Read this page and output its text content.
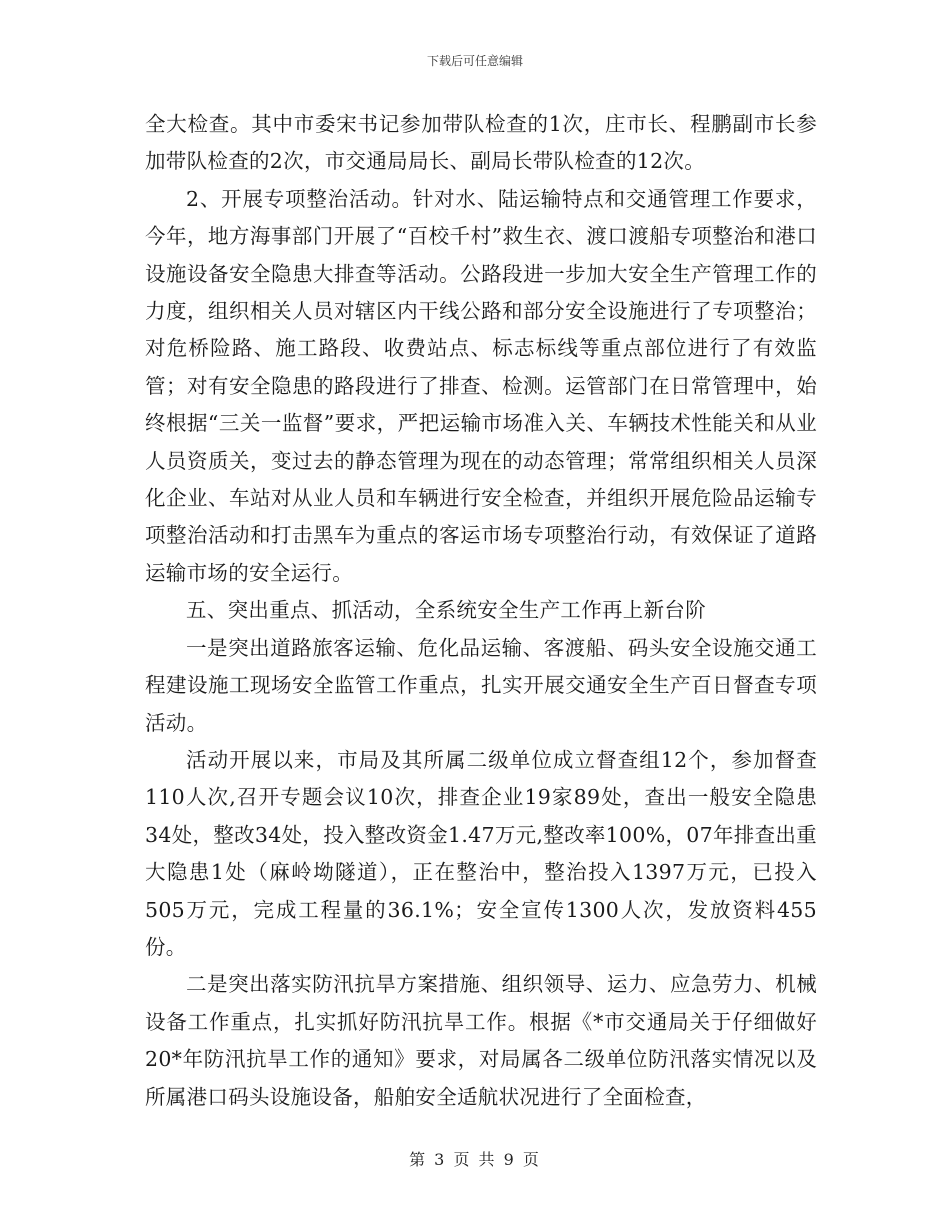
下载后可任意编辑

全大检查。其中市委宋书记参加带队检查的1次，庄市长、程鹏副市长参加带队检查的2次，市交通局局长、副局长带队检查的12次。

2、开展专项整治活动。针对水、陆运输特点和交通管理工作要求，今年，地方海事部门开展了“百校千村”救生衣、渡口渡船专项整治和港口设施设备安全隐患大排查等活动。公路段进一步加大安全生产管理工作的力度，组织相关人员对辖区内干线公路和部分安全设施进行了专项整治；对危桥险路、施工路段、收费站点、标志标线等重点部位进行了有效监管；对有安全隐患的路段进行了排查、检测。运管部门在日常管理中，始终根据“三关一监督”要求，严把运输市场准入关、车辆技术性能关和从业人员资质关，变过去的静态管理为现在的动态管理；常常组织相关人员深化企业、车站对从业人员和车辆进行安全检查，并组织开展危险品运输专项整治活动和打击黑车为重点的客运市场专项整治行动，有效保证了道路运输市场的安全运行。

五、突出重点、抓活动，全系统安全生产工作再上新台阶

一是突出道路旅客运输、危化品运输、客渡船、码头安全设施交通工程建设施工现场安全监管工作重点，扎实开展交通安全生产百日督查专项活动。

活动开展以来，市局及其所属二级单位成立督查组12个，参加督查110人次,召开专题会议10次，排查企业19家89处，查出一般安全隐患34处，整改34处，投入整改资金1.47万元,整改率100%，07年排查出重大隐患1处（麻岭坳隧道），正在整治中，整治投入1397万元，已投入505万元，完成工程量的36.1%；安全宣传1300人次，发放资料455份。

二是突出落实防汛抗旱方案措施、组织领导、运力、应急劳力、机械设备工作重点，扎实抓好防汛抗旱工作。根据《*市交通局关于仔细做好20*年防汛抗旱工作的通知》要求，对局属各二级单位防汛落实情况以及所属港口码头设施设备，船舶安全适航状况进行了全面检查，

第 3 页 共 9 页
